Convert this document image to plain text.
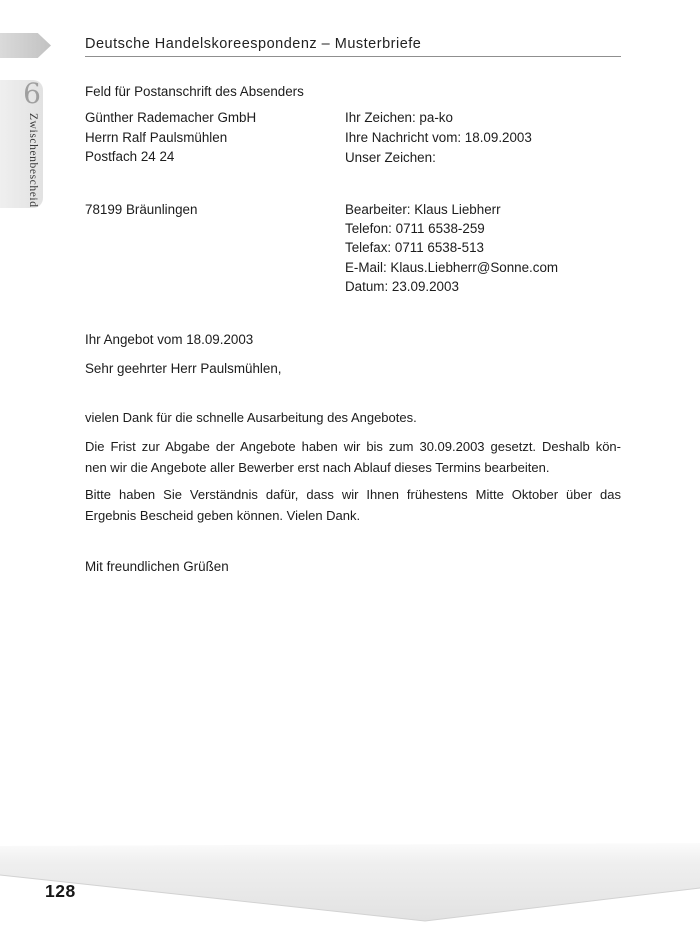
Deutsche Handelskoreespondenz – Musterbriefe
6
Zwischenbescheid
Feld für Postanschrift des Absenders
Günther Rademacher GmbH
Herrn Ralf Paulsmühlen
Postfach 24 24
Ihr Zeichen: pa-ko
Ihre Nachricht vom: 18.09.2003
Unser Zeichen:
78199 Bräunlingen	Bearbeiter: Klaus Liebherr
Telefon: 0711 6538-259
Telefax: 0711 6538-513
E-Mail: Klaus.Liebherr@Sonne.com
Datum: 23.09.2003
Ihr Angebot vom 18.09.2003
Sehr geehrter Herr Paulsmühlen,
vielen Dank für die schnelle Ausarbeitung des Angebotes.
Die Frist zur Abgabe der Angebote haben wir bis zum 30.09.2003 gesetzt. Deshalb kön-
nen wir die Angebote aller Bewerber erst nach Ablauf dieses Termins bearbeiten.
Bitte haben Sie Verständnis dafür, dass wir Ihnen frühestens Mitte Oktober über das
Ergebnis Bescheid geben können. Vielen Dank.
Mit freundlichen Grüßen
128
